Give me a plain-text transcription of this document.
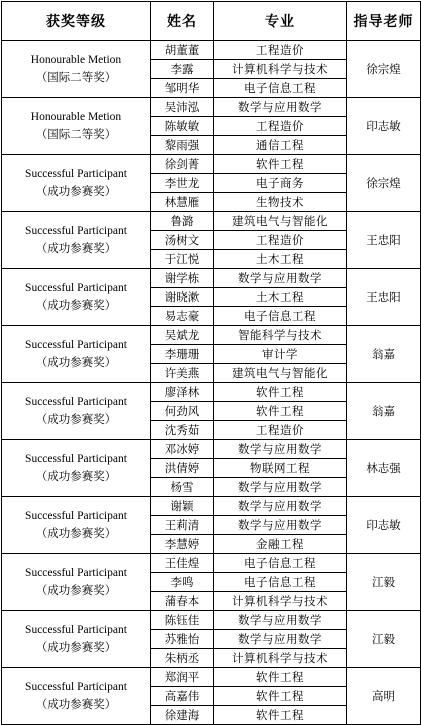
获奖等级	姓名	专业	指导老师

Honourable Metion
（国际二等奖）	胡董董	工程造价	徐宗煌
	李露	计算机科学与技术	
	邹明华	电子信息工程	

Honourable Metion
（国际二等奖）	吴沛泓	数学与应用数学	印志敏
	陈敏敏	工程造价	
	黎雨强	通信工程	

Successful Participant
（成功参赛奖）	徐剑菁	软件工程	徐宗煌
	李世龙	电子商务	
	林慧雁	生物技术	

Successful Participant
（成功参赛奖）	鲁潞	建筑电气与智能化	王忠阳
	汤树文	工程造价	
	于江悦	土木工程	

Successful Participant
（成功参赛奖）	谢学栋	数学与应用数学	王忠阳
	谢晓漱	土木工程	
	易志豪	电子信息工程	

Successful Participant
（成功参赛奖）	吴斌龙	智能科学与技术	翁嘉
	李珊珊	审计学	
	许美燕	建筑电气与智能化	

Successful Participant
（成功参赛奖）	廖泽林	软件工程	翁嘉
	何劲风	软件工程	
	沈秀茹	工程造价	

Successful Participant
（成功参赛奖）	邓冰婷	数学与应用数学	林志强
	洪倩婷	物联网工程	
	杨雪	数学与应用数学	

Successful Participant
（成功参赛奖）	谢颖	数学与应用数学	印志敏
	王莉清	数学与应用数学	
	李慧婷	金融工程	

Successful Participant
（成功参赛奖）	王佳煌	电子信息工程	江毅
	李鸣	电子信息工程	
	蒲春本	计算机科学与技术	

Successful Participant
（成功参赛奖）	陈钰佳	数学与应用数学	江毅
	苏雅怡	数学与应用数学	
	朱柄丞	计算机科学与技术	

Successful Participant
（成功参赛奖）	郑润平	软件工程	高明
	高嘉伟	软件工程	
	徐建海	软件工程	
